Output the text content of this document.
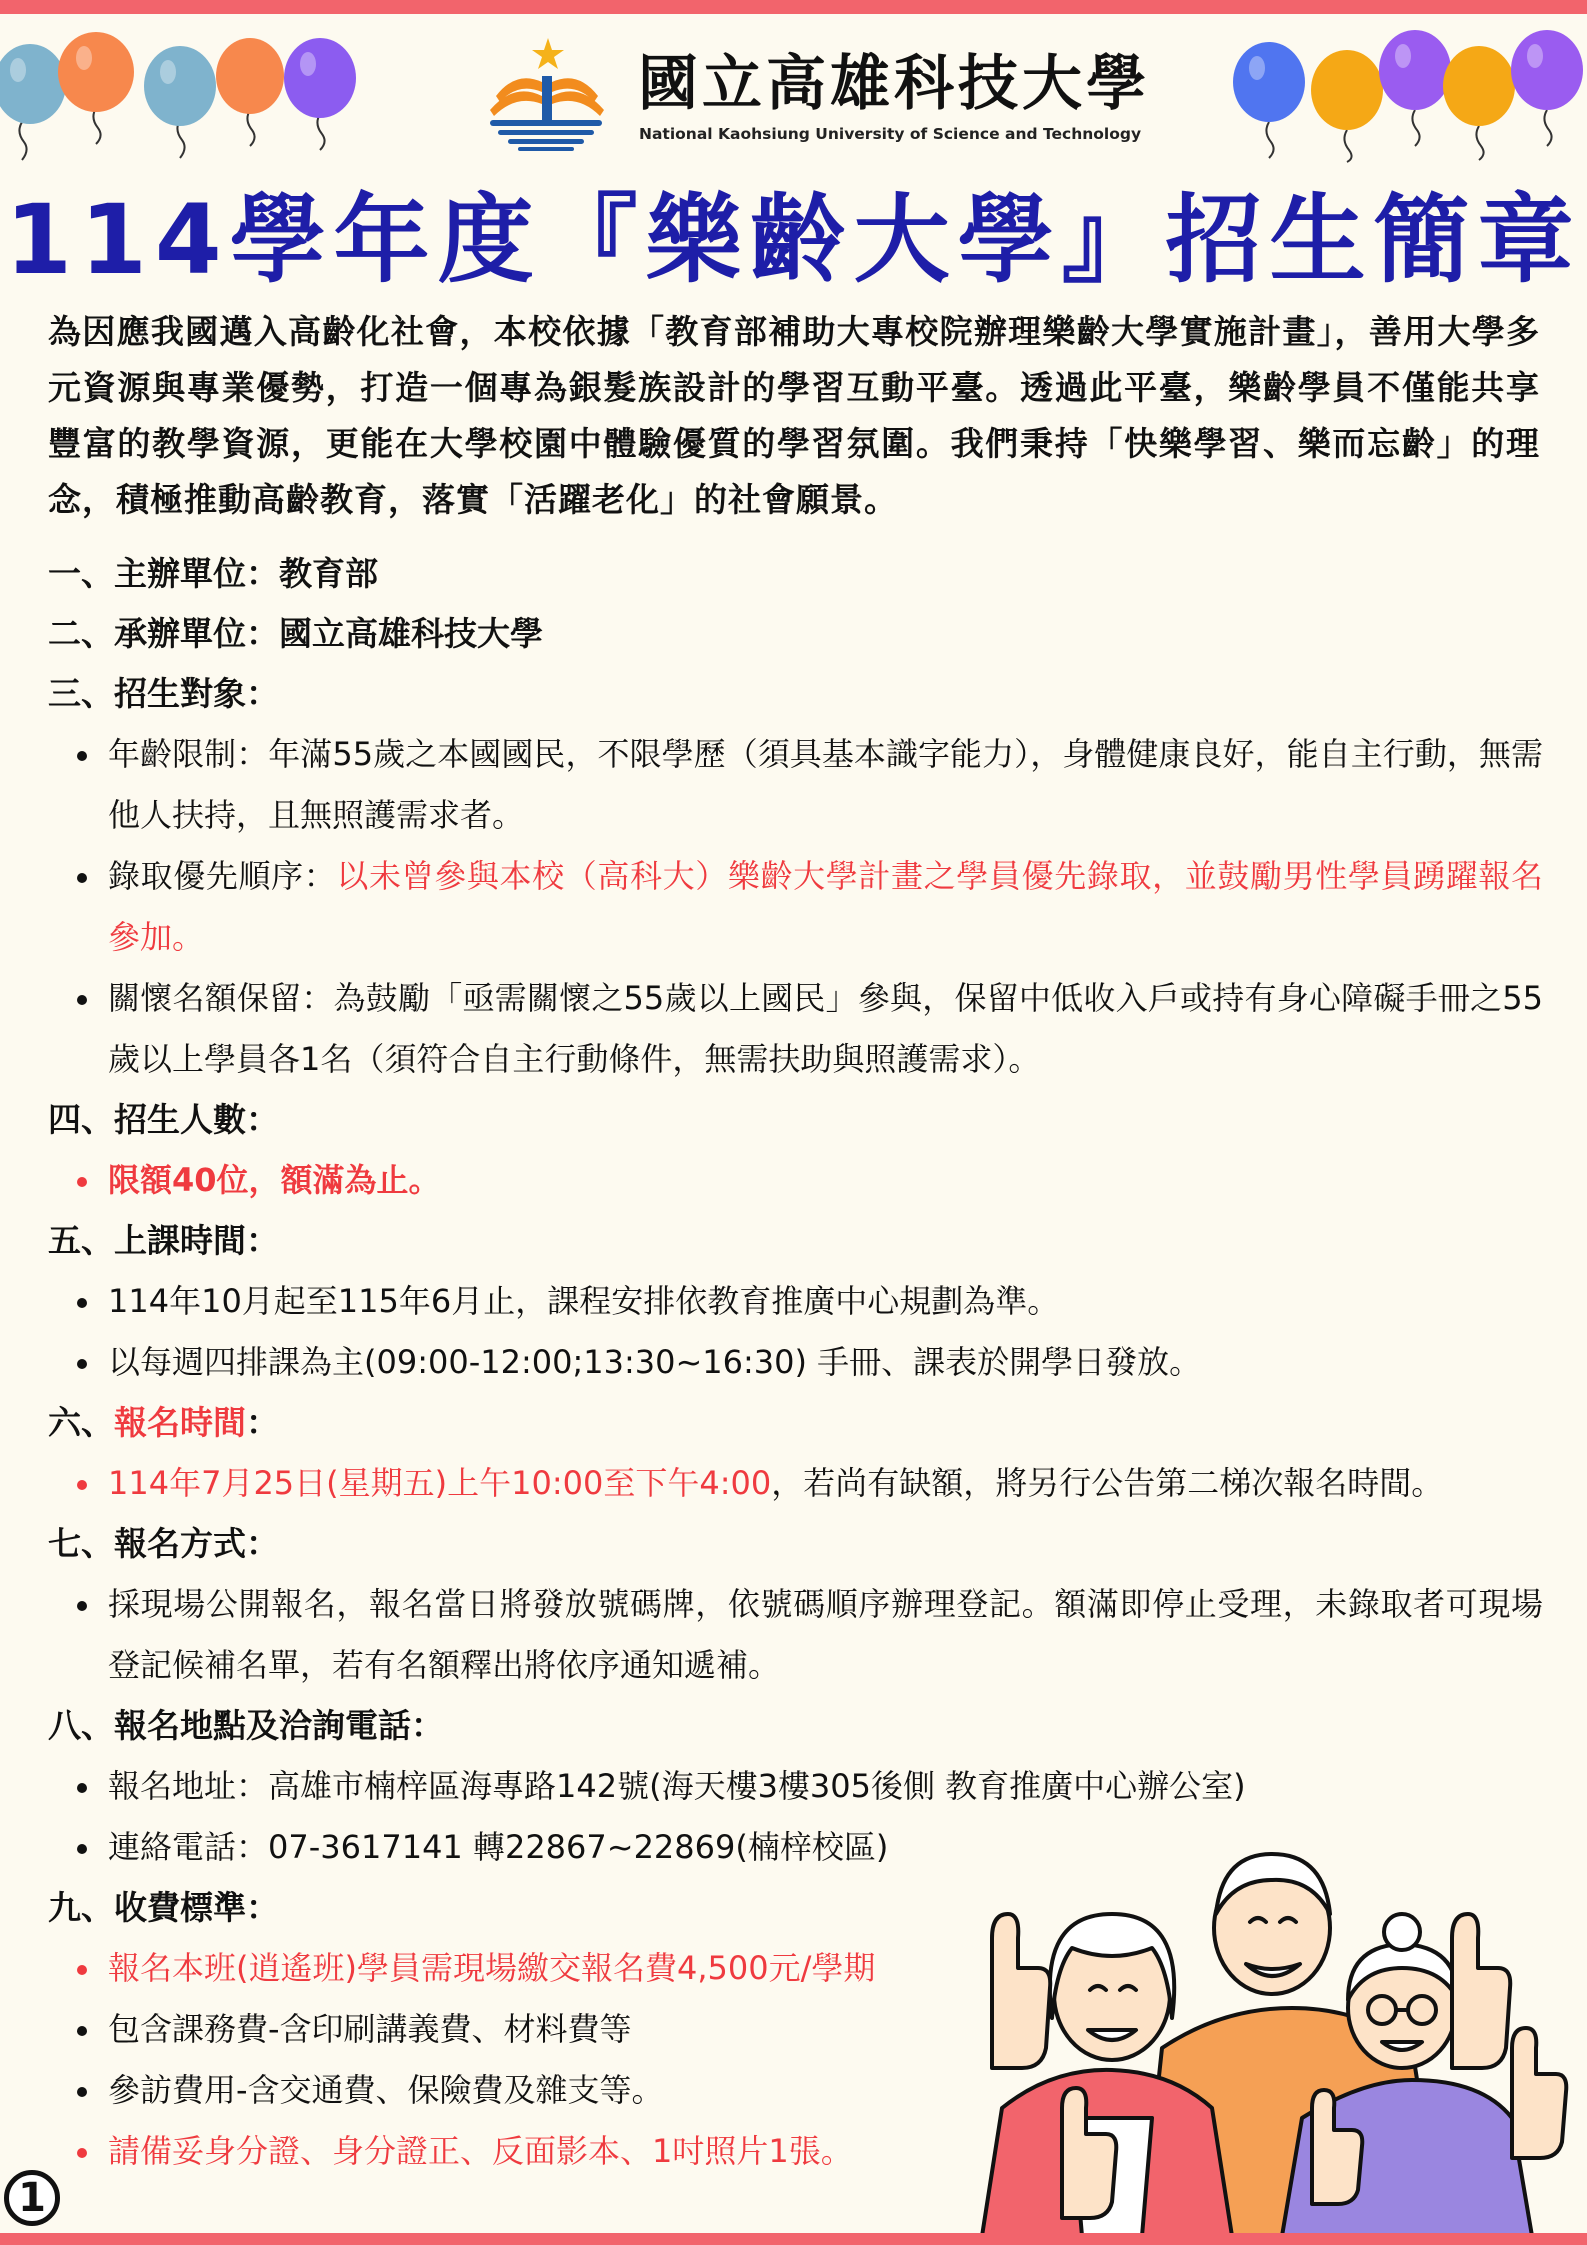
國立高雄科技大學
National Kaohsiung University of Science and Technology
114學年度『樂齡大學』招生簡章
為因應我國邁入高齡化社會，本校依據「教育部補助大專校院辦理樂齡大學實施計畫」，善用大學多元資源與專業優勢，打造一個專為銀髮族設計的學習互動平臺。透過此平臺，樂齡學員不僅能共享豐富的教學資源，更能在大學校園中體驗優質的學習氛圍。我們秉持「快樂學習、樂而忘齡」的理念，積極推動高齡教育，落實「活躍老化」的社會願景。
一、主辦單位：教育部
二、承辦單位：國立高雄科技大學
三、招生對象：
年齡限制：年滿55歲之本國國民，不限學歷（須具基本識字能力），身體健康良好，能自主行動，無需他人扶持，且無照護需求者。
錄取優先順序：以未曾參與本校（高科大）樂齡大學計畫之學員優先錄取，並鼓勵男性學員踴躍報名參加。
關懷名額保留：為鼓勵「亟需關懷之55歲以上國民」參與，保留中低收入戶或持有身心障礙手冊之55歲以上學員各1名（須符合自主行動條件，無需扶助與照護需求）。
四、招生人數：
限額40位，額滿為止。
五、上課時間：
114年10月起至115年6月止，課程安排依教育推廣中心規劃為準。
以每週四排課為主(09:00-12:00;13:30~16:30) 手冊、課表於開學日發放。
六、報名時間：
114年7月25日(星期五)上午10:00至下午4:00，若尚有缺額，將另行公告第二梯次報名時間。
七、報名方式：
採現場公開報名，報名當日將發放號碼牌，依號碼順序辦理登記。額滿即停止受理，未錄取者可現場登記候補名單，若有名額釋出將依序通知遞補。
八、報名地點及洽詢電話：
報名地址：高雄市楠梓區海專路142號(海天樓3樓305後側 教育推廣中心辦公室)
連絡電話：07-3617141 轉22867~22869(楠梓校區)
九、收費標準：
報名本班(逍遙班)學員需現場繳交報名費4,500元/學期
包含課務費-含印刷講義費、材料費等
參訪費用-含交通費、保險費及雜支等。
請備妥身分證、身分證正、反面影本、1吋照片1張。
1
